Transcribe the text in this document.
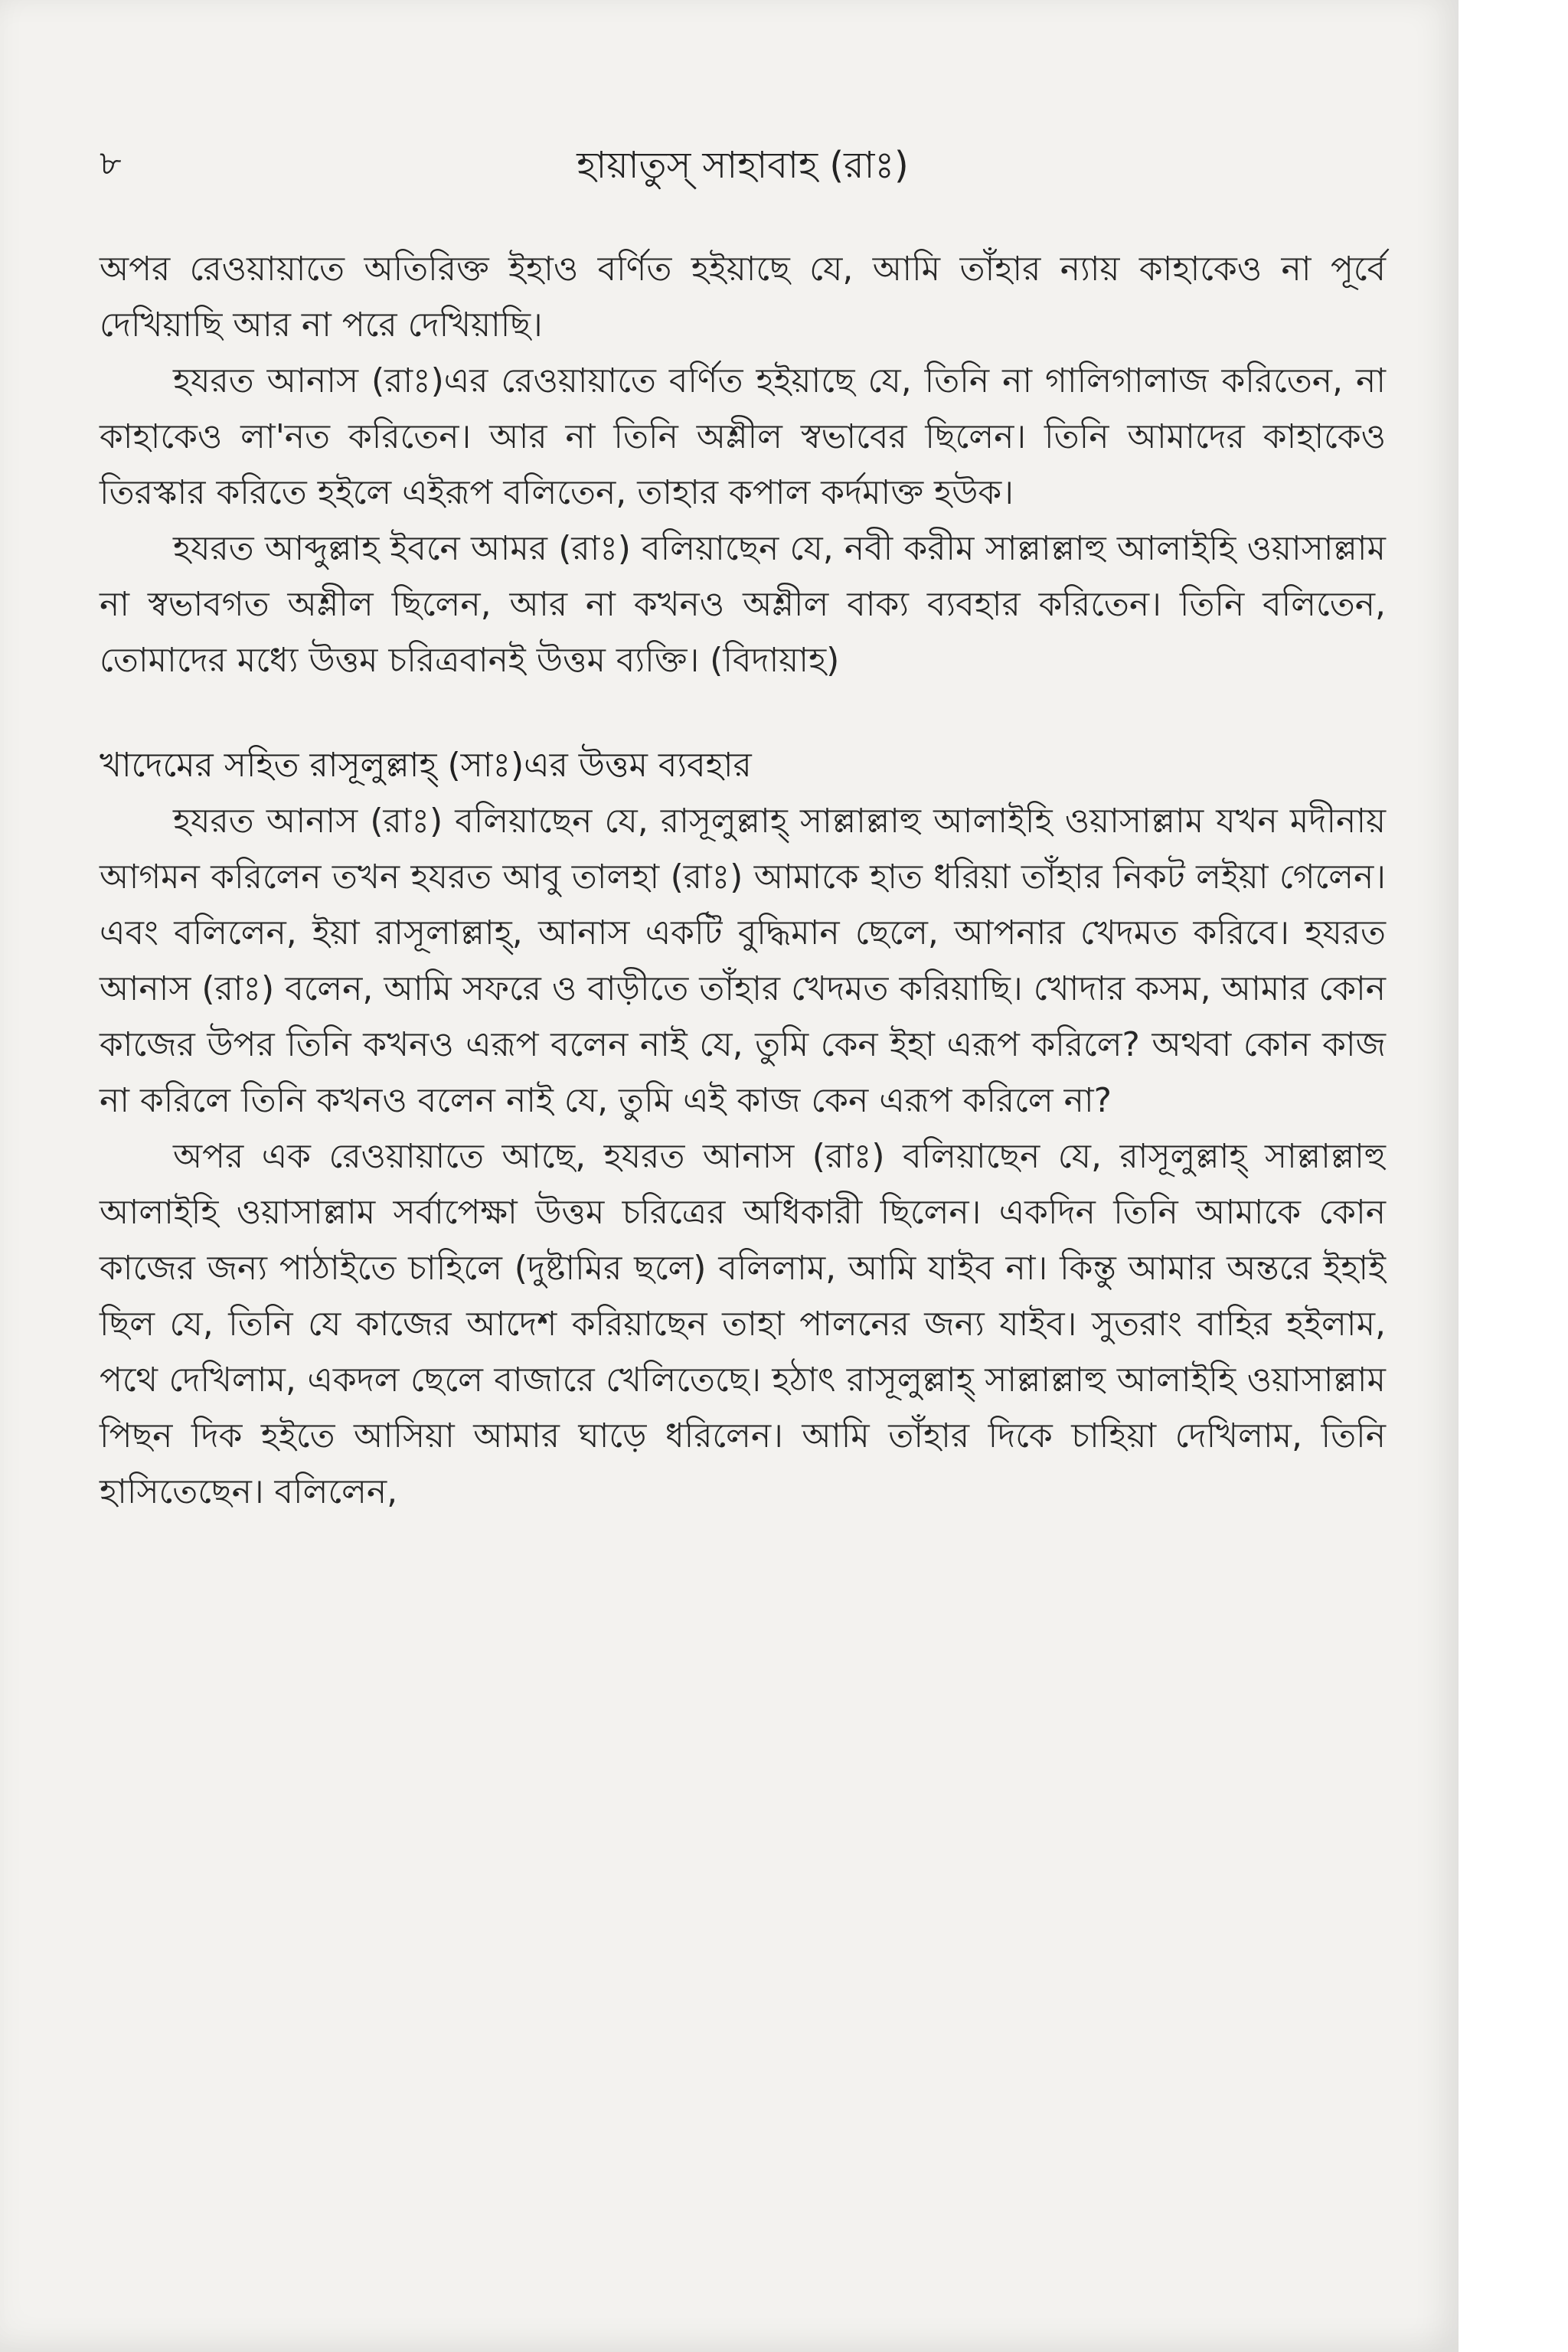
৮	হায়াতুস্ সাহাবাহ (রাঃ)

অপর রেওয়ায়াতে অতিরিক্ত ইহাও বর্ণিত হইয়াছে যে, আমি তাঁহার ন্যায় কাহাকেও না পূর্বে দেখিয়াছি আর না পরে দেখিয়াছি।

হযরত আনাস (রাঃ)এর রেওয়ায়াতে বর্ণিত হইয়াছে যে, তিনি না গালিগালাজ করিতেন, না কাহাকেও লা'নত করিতেন। আর না তিনি অশ্লীল স্বভাবের ছিলেন। তিনি আমাদের কাহাকেও তিরস্কার করিতে হইলে এইরূপ বলিতেন, তাহার কপাল কর্দমাক্ত হউক।

হযরত আব্দুল্লাহ ইবনে আমর (রাঃ) বলিয়াছেন যে, নবী করীম সাল্লাল্লাহু আলাইহি ওয়াসাল্লাম না স্বভাবগত অশ্লীল ছিলেন, আর না কখনও অশ্লীল বাক্য ব্যবহার করিতেন। তিনি বলিতেন, তোমাদের মধ্যে উত্তম চরিত্রবানই উত্তম ব্যক্তি। (বিদায়াহ)

খাদেমের সহিত রাসূলুল্লাহ্ (সাঃ)এর উত্তম ব্যবহার

হযরত আনাস (রাঃ) বলিয়াছেন যে, রাসূলুল্লাহ্ সাল্লাল্লাহু আলাইহি ওয়াসাল্লাম যখন মদীনায় আগমন করিলেন তখন হযরত আবু তালহা (রাঃ) আমাকে হাত ধরিয়া তাঁহার নিকট লইয়া গেলেন। এবং বলিলেন, ইয়া রাসূলাল্লাহ্, আনাস একটি বুদ্ধিমান ছেলে, আপনার খেদমত করিবে। হযরত আনাস (রাঃ) বলেন, আমি সফরে ও বাড়ীতে তাঁহার খেদমত করিয়াছি। খোদার কসম, আমার কোন কাজের উপর তিনি কখনও এরূপ বলেন নাই যে, তুমি কেন ইহা এরূপ করিলে? অথবা কোন কাজ না করিলে তিনি কখনও বলেন নাই যে, তুমি এই কাজ কেন এরূপ করিলে না?

অপর এক রেওয়ায়াতে আছে, হযরত আনাস (রাঃ) বলিয়াছেন যে, রাসূলুল্লাহ্ সাল্লাল্লাহু আলাইহি ওয়াসাল্লাম সর্বাপেক্ষা উত্তম চরিত্রের অধিকারী ছিলেন। একদিন তিনি আমাকে কোন কাজের জন্য পাঠাইতে চাহিলে (দুষ্টামির ছলে) বলিলাম, আমি যাইব না। কিন্তু আমার অন্তরে ইহাই ছিল যে, তিনি যে কাজের আদেশ করিয়াছেন তাহা পালনের জন্য যাইব। সুতরাং বাহির হইলাম, পথে দেখিলাম, একদল ছেলে বাজারে খেলিতেছে। হঠাৎ রাসূলুল্লাহ্ সাল্লাল্লাহু আলাইহি ওয়াসাল্লাম পিছন দিক হইতে আসিয়া আমার ঘাড়ে ধরিলেন। আমি তাঁহার দিকে চাহিয়া দেখিলাম, তিনি হাসিতেছেন। বলিলেন,
